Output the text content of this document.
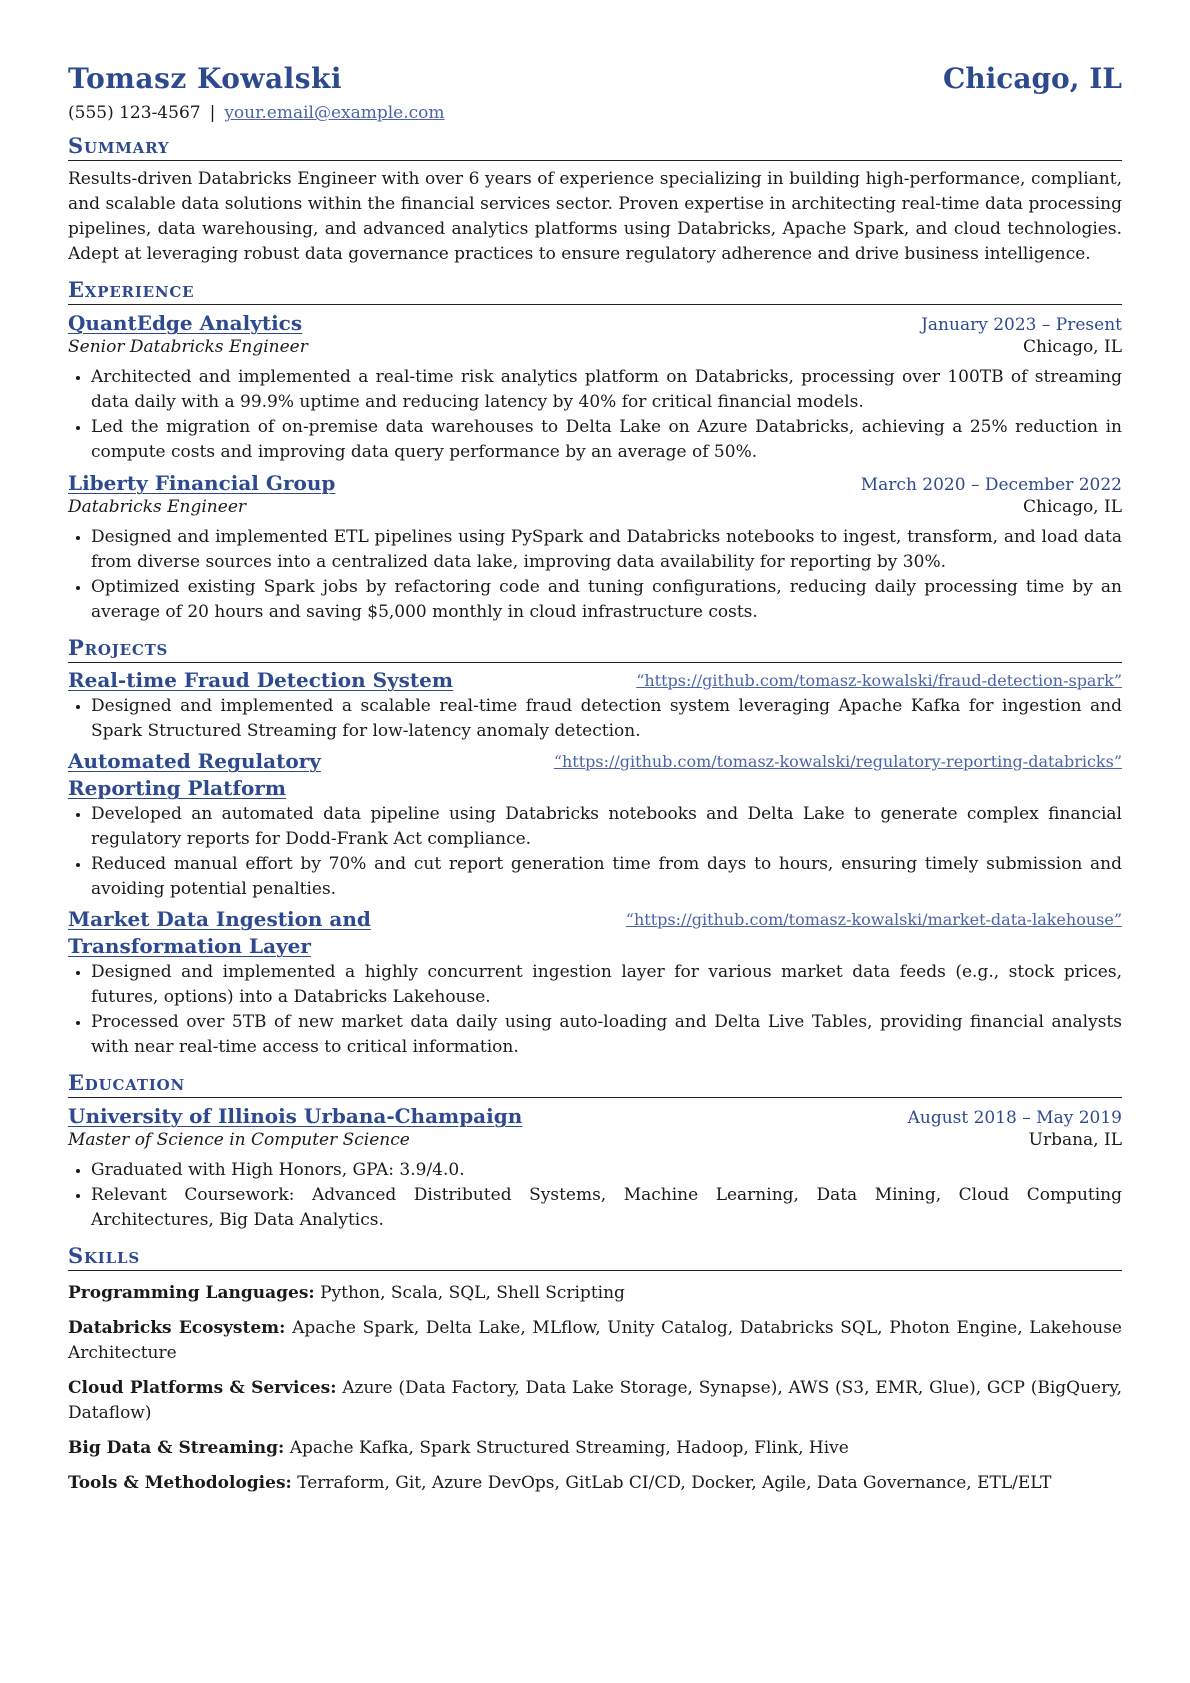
Tomasz Kowalski	Chicago, IL
(555) 123-4567 | your.email@example.com
Summary
Results-driven Databricks Engineer with over 6 years of experience specializing in building high-performance, compliant, and scalable data solutions within the financial services sector. Proven expertise in architecting real-time data processing pipelines, data warehousing, and advanced analytics platforms using Databricks, Apache Spark, and cloud technologies. Adept at leveraging robust data governance practices to ensure regulatory adherence and drive business intelligence.
Experience
QuantEdge Analytics	January 2023 – Present
Senior Databricks Engineer	Chicago, IL
• Architected and implemented a real-time risk analytics platform on Databricks, processing over 100TB of streaming data daily with a 99.9% uptime and reducing latency by 40% for critical financial models.
• Led the migration of on-premise data warehouses to Delta Lake on Azure Databricks, achieving a 25% reduction in compute costs and improving data query performance by an average of 50%.
Liberty Financial Group	March 2020 – December 2022
Databricks Engineer	Chicago, IL
• Designed and implemented ETL pipelines using PySpark and Databricks notebooks to ingest, transform, and load data from diverse sources into a centralized data lake, improving data availability for reporting by 30%.
• Optimized existing Spark jobs by refactoring code and tuning configurations, reducing daily processing time by an average of 20 hours and saving $5,000 monthly in cloud infrastructure costs.
Projects
Real-time Fraud Detection System	“https://github.com/tomasz-kowalski/fraud-detection-spark”
• Designed and implemented a scalable real-time fraud detection system leveraging Apache Kafka for ingestion and Spark Structured Streaming for low-latency anomaly detection.
Automated Regulatory Reporting Platform
“https://github.com/tomasz-kowalski/regulatory-reporting-databricks”
• Developed an automated data pipeline using Databricks notebooks and Delta Lake to generate complex financial regulatory reports for Dodd-Frank Act compliance.
• Reduced manual effort by 70% and cut report generation time from days to hours, ensuring timely submission and avoiding potential penalties.
Market Data Ingestion and Transformation Layer
“https://github.com/tomasz-kowalski/market-data-lakehouse”
• Designed and implemented a highly concurrent ingestion layer for various market data feeds (e.g., stock prices, futures, options) into a Databricks Lakehouse.
• Processed over 5TB of new market data daily using auto-loading and Delta Live Tables, providing financial analysts with near real-time access to critical information.
Education
University of Illinois Urbana-Champaign	August 2018 – May 2019
Master of Science in Computer Science	Urbana, IL
• Graduated with High Honors, GPA: 3.9/4.0.
• Relevant Coursework: Advanced Distributed Systems, Machine Learning, Data Mining, Cloud Computing Architectures, Big Data Analytics.
Skills
Programming Languages: Python, Scala, SQL, Shell Scripting
Databricks Ecosystem: Apache Spark, Delta Lake, MLflow, Unity Catalog, Databricks SQL, Photon Engine, Lakehouse Architecture
Cloud Platforms & Services: Azure (Data Factory, Data Lake Storage, Synapse), AWS (S3, EMR, Glue), GCP (BigQuery, Dataflow)
Big Data & Streaming: Apache Kafka, Spark Structured Streaming, Hadoop, Flink, Hive
Tools & Methodologies: Terraform, Git, Azure DevOps, GitLab CI/CD, Docker, Agile, Data Governance, ETL/ELT
